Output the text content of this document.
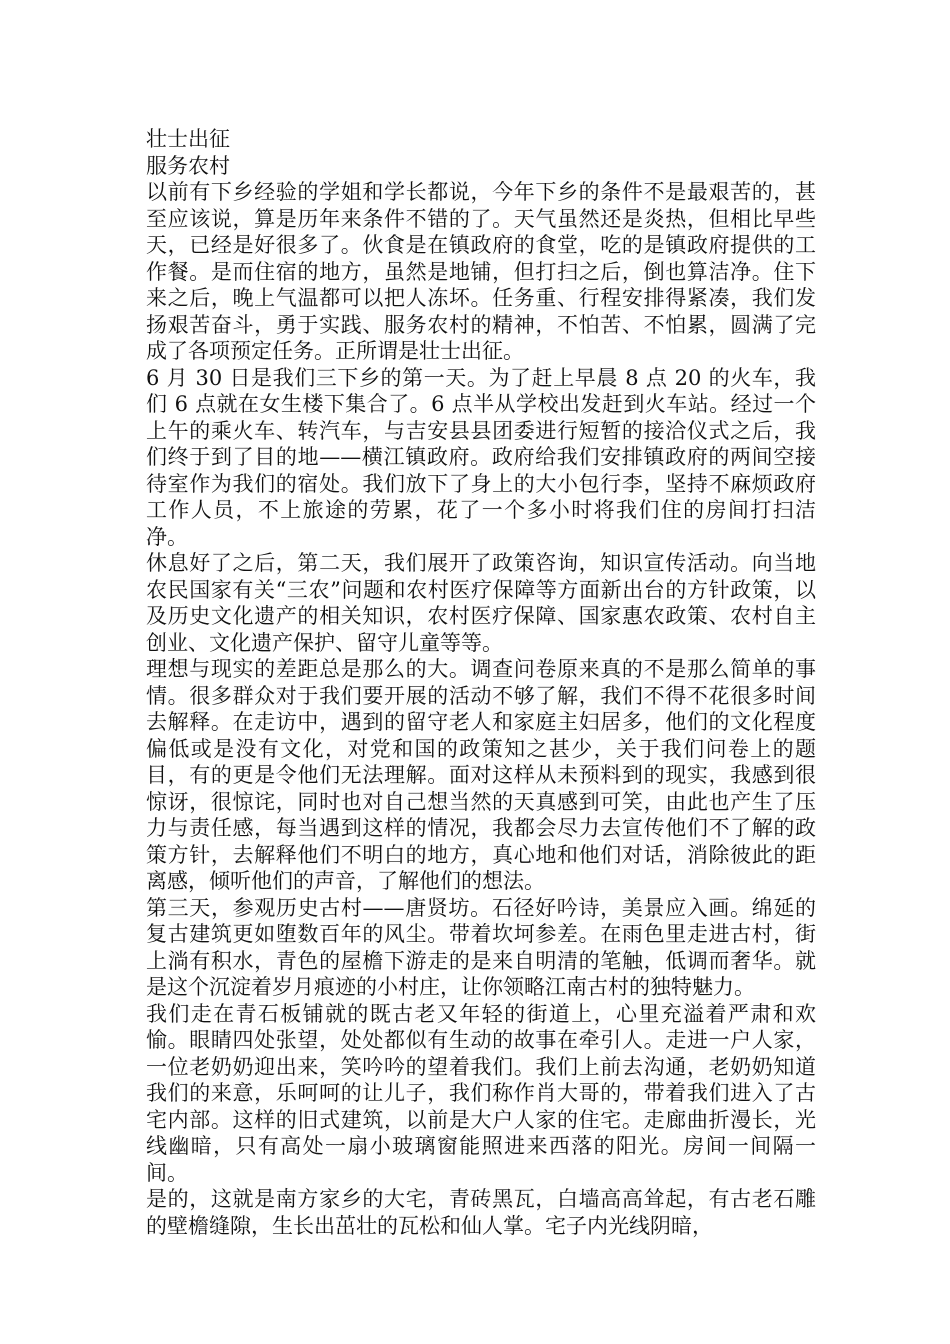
壮士出征

服务农村

以前有下乡经验的学姐和学长都说，今年下乡的条件不是最艰苦的，甚至应该说，算是历年来条件不错的了。天气虽然还是炎热，但相比早些天，已经是好很多了。伙食是在镇政府的食堂，吃的是镇政府提供的工作餐。是而住宿的地方，虽然是地铺，但打扫之后，倒也算洁净。住下来之后，晚上气温都可以把人冻坏。任务重、行程安排得紧凑，我们发扬艰苦奋斗，勇于实践、服务农村的精神，不怕苦、不怕累，圆满了完成了各项预定任务。正所谓是壮士出征。

6 月 30 日是我们三下乡的第一天。为了赶上早晨 8 点 20 的火车，我们 6 点就在女生楼下集合了。6 点半从学校出发赶到火车站。经过一个上午的乘火车、转汽车，与吉安县县团委进行短暂的接洽仪式之后，我们终于到了目的地——横江镇政府。政府给我们安排镇政府的两间空接待室作为我们的宿处。我们放下了身上的大小包行李，坚持不麻烦政府工作人员，不上旅途的劳累，花了一个多小时将我们住的房间打扫洁净。

休息好了之后，第二天，我们展开了政策咨询，知识宣传活动。向当地农民国家有关“三农”问题和农村医疗保障等方面新出台的方针政策，以及历史文化遗产的相关知识，农村医疗保障、国家惠农政策、农村自主创业、文化遗产保护、留守儿童等等。

理想与现实的差距总是那么的大。调查问卷原来真的不是那么简单的事情。很多群众对于我们要开展的活动不够了解，我们不得不花很多时间去解释。在走访中，遇到的留守老人和家庭主妇居多，他们的文化程度偏低或是没有文化，对党和国的政策知之甚少，关于我们问卷上的题目，有的更是令他们无法理解。面对这样从未预料到的现实，我感到很惊讶，很惊诧，同时也对自己想当然的天真感到可笑，由此也产生了压力与责任感，每当遇到这样的情况，我都会尽力去宣传他们不了解的政策方针，去解释他们不明白的地方，真心地和他们对话，消除彼此的距离感，倾听他们的声音，了解他们的想法。

第三天，参观历史古村——唐贤坊。石径好吟诗，美景应入画。绵延的复古建筑更如堕数百年的风尘。带着坎坷参差。在雨色里走进古村，街上淌有积水，青色的屋檐下游走的是来自明清的笔触，低调而奢华。就是这个沉淀着岁月痕迹的小村庄，让你领略江南古村的独特魅力。

我们走在青石板铺就的既古老又年轻的街道上，心里充溢着严肃和欢愉。眼睛四处张望，处处都似有生动的故事在牵引人。走进一户人家，一位老奶奶迎出来，笑吟吟的望着我们。我们上前去沟通，老奶奶知道我们的来意，乐呵呵的让儿子，我们称作肖大哥的，带着我们进入了古宅内部。这样的旧式建筑，以前是大户人家的住宅。走廊曲折漫长，光线幽暗，只有高处一扇小玻璃窗能照进来西落的阳光。房间一间隔一间。

是的，这就是南方家乡的大宅，青砖黑瓦，白墙高高耸起，有古老石雕的壁檐缝隙，生长出茁壮的瓦松和仙人掌。宅子内光线阴暗，
